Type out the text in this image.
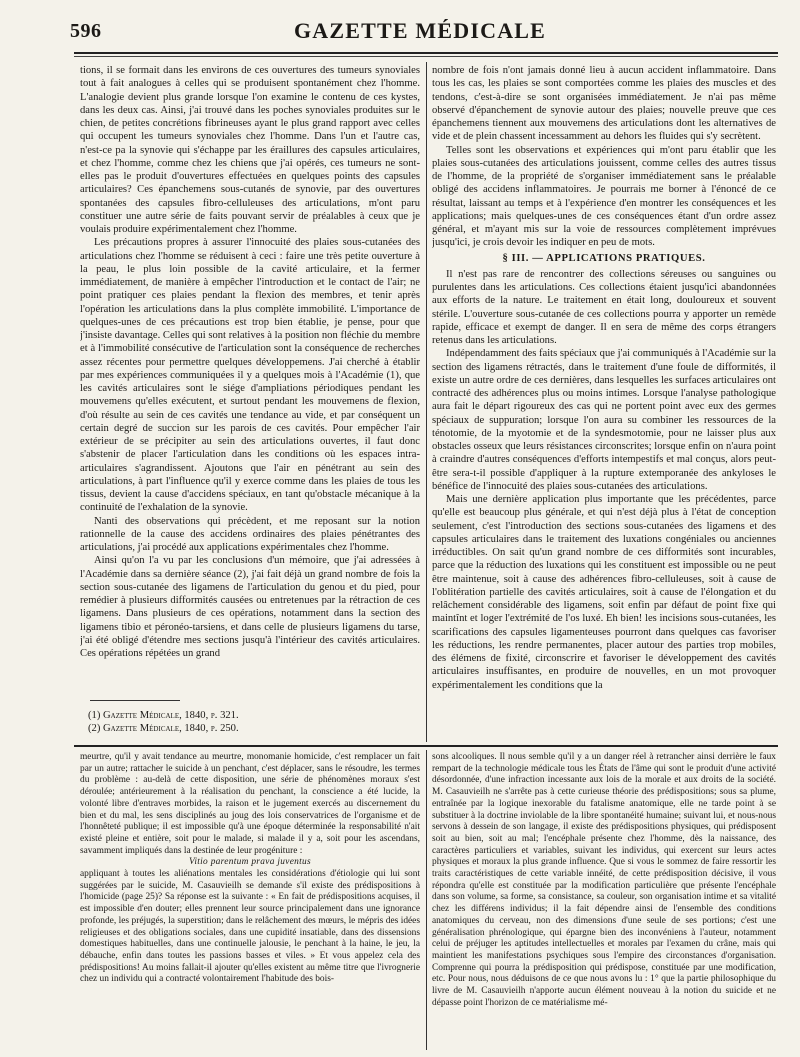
596	GAZETTE MÉDICALE

tions, il se formait dans les environs de ces ouvertures des tumeurs synoviales tout à fait analogues à celles qui se produisent spontanément chez l'homme. L'analogie devient plus grande lorsque l'on examine le contenu de ces kystes, dans les deux cas. Ainsi, j'ai trouvé dans les poches synoviales produites sur le chien, de petites concrétions fibrineuses ayant le plus grand rapport avec celles qui occupent les tumeurs synoviales chez l'homme. Dans l'un et l'autre cas, n'est-ce pa la synovie qui s'échappe par les éraillures des capsules articulaires, et chez l'homme, comme chez les chiens que j'ai opérés, ces tumeurs ne sont-elles pas le produit d'ouvertures effectuées en quelques points des capsules articulaires? Ces épanchemens sous-cutanés de synovie, par des ouvertures spontanées des capsules fibro-celluleuses des articulations, m'ont paru constituer une autre série de faits pouvant servir de préalables à ceux que je voulais produire expérimentalement chez l'homme.

Les précautions propres à assurer l'innocuité des plaies sous-cutanées des articulations chez l'homme se réduisent à ceci : faire une très petite ouverture à la peau, le plus loin possible de la cavité articulaire, et la fermer immédiatement, de manière à empêcher l'introduction et le contact de l'air; ne point pratiquer ces plaies pendant la flexion des membres, et tenir après l'opération les articulations dans la plus complète immobilité. L'importance de quelques-unes de ces précautions est trop bien établie, je pense, pour que j'insiste davantage. Celles qui sont relatives à la position non fléchie du membre et à l'immobilité consécutive de l'articulation sont la conséquence de recherches assez récentes pour permettre quelques développemens. J'ai cherché à établir par mes expériences communiquées il y a quelques mois à l'Académie (1), que les cavités articulaires sont le siége d'ampliations périodiques pendant les mouvemens qu'elles exécutent, et surtout pendant les mouvemens de flexion, d'où résulte au sein de ces cavités une tendance au vide, et par conséquent un certain degré de succion sur les parois de ces cavités. Pour empêcher l'air extérieur de se précipiter au sein des articulations ouvertes, il faut donc s'abstenir de placer l'articulation dans les conditions où les espaces intra-articulaires s'agrandissent. Ajoutons que l'air en pénétrant au sein des articulations, à part l'influence qu'il y exerce comme dans les plaies de tous les tissus, devient la cause d'accidens spéciaux, en tant qu'obstacle mécanique à la continuité de l'exhalation de la synovie.

Nanti des observations qui précèdent, et me reposant sur la notion rationnelle de la cause des accidens ordinaires des plaies pénétrantes des articulations, j'ai procédé aux applications expérimentales chez l'homme.

Ainsi qu'on l'a vu par les conclusions d'un mémoire, que j'ai adressées à l'Académie dans sa dernière séance (2), j'ai fait déjà un grand nombre de fois la section sous-cutanée des ligamens de l'articulation du genou et du pied, pour remédier à plusieurs difformités causées ou entretenues par la rétraction de ces ligamens. Dans plusieurs de ces opérations, notamment dans la section des ligamens tibio et péronéo-tarsiens, et dans celle de plusieurs ligamens du tarse, j'ai été obligé d'étendre mes sections jusqu'à l'intérieur des cavités articulaires. Ces opérations répétées un grand

nombre de fois n'ont jamais donné lieu à aucun accident inflammatoire. Dans tous les cas, les plaies se sont comportées comme les plaies des muscles et des tendons, c'est-à-dire se sont organisées immédiatement. Je n'ai pas même observé d'épanchement de synovie autour des plaies; nouvelle preuve que ces épanchemens tiennent aux mouvemens des articulations dont les alternatives de vide et de plein chassent incessamment au dehors les fluides qui s'y secrètent.

Telles sont les observations et expériences qui m'ont paru établir que les plaies sous-cutanées des articulations jouissent, comme celles des autres tissus de l'homme, de la propriété de s'organiser immédiatement sans le préalable obligé des accidens inflammatoires. Je pourrais me borner à l'énoncé de ce résultat, laissant au temps et à l'expérience d'en montrer les conséquences et les applications; mais quelques-unes de ces conséquences étant d'un ordre assez général, et m'ayant mis sur la voie de ressources complètement imprévues jusqu'ici, je crois devoir les indiquer en peu de mots.

§ III. — APPLICATIONS PRATIQUES.

Il n'est pas rare de rencontrer des collections séreuses ou sanguines ou purulentes dans les articulations. Ces collections étaient jusqu'ici abandonnées aux efforts de la nature. Le traitement en était long, douloureux et souvent stérile. L'ouverture sous-cutanée de ces collections pourra y apporter un remède rapide, efficace et exempt de danger. Il en sera de même des corps étrangers retenus dans les articulations.

Indépendamment des faits spéciaux que j'ai communiqués à l'Académie sur la section des ligamens rétractés, dans le traitement d'une foule de difformités, il existe un autre ordre de ces dernières, dans lesquelles les surfaces articulaires ont contracté des adhérences plus ou moins intimes. Lorsque l'analyse pathologique aura fait le départ rigoureux des cas qui ne portent point avec eux des germes spéciaux de suppuration; lorsque l'on aura su combiner les ressources de la ténotomie, de la myotomie et de la syndesmotomie, pour ne laisser plus aux obstacles osseux que leurs résistances circonscrites; lorsque enfin on n'aura point à craindre d'autres conséquences d'efforts intempestifs et mal conçus, alors peut-être sera-t-il possible d'appliquer à la rupture extemporanée des ankyloses le bénéfice de l'innocuité des plaies sous-cutanées des articulations.

Mais une dernière application plus importante que les précédentes, parce qu'elle est beaucoup plus générale, et qui n'est déjà plus à l'état de conception seulement, c'est l'introduction des sections sous-cutanées des ligamens et des capsules articulaires dans le traitement des luxations congéniales ou anciennes irréductibles. On sait qu'un grand nombre de ces difformités sont incurables, parce que la réduction des luxations qui les constituent est impossible ou ne peut être maintenue, soit à cause des adhérences fibro-celluleuses, soit à cause de l'oblitération partielle des cavités articulaires, soit à cause de l'élongation et du relâchement considérable des ligamens, soit enfin par défaut de point fixe qui maintînt et loger l'extrémité de l'os luxé. Eh bien! les incisions sous-cutanées, les scarifications des capsules ligamenteuses pourront dans quelques cas favoriser les réductions, les rendre permanentes, placer autour des parties trop mobiles, des élémens de fixité, circonscrire et favoriser le développement des cavités articulaires insuffisantes, en produire de nouvelles, en un mot provoquer expérimentalement les conditions que la

(1) Gazette Médicale, 1840, p. 321.
(2) Gazette Médicale, 1840, p. 250.

meurtre, qu'il y avait tendance au meurtre, monomanie homicide, c'est remplacer un fait par un autre; rattacher le suicide à un penchant, c'est déplacer, sans le résoudre, les termes du problème : au-delà de cette disposition, une série de phénomènes moraux s'est déroulée; antérieurement à la réalisation du penchant, la conscience a été lucide, la volonté libre d'entraves morbides, la raison et le jugement exercés au discernement du bien et du mal, les sens disciplinés au joug des lois conservatrices de l'organisme et de l'honnêteté publique; il est impossible qu'à une époque déterminée la responsabilité n'ait existé pleine et entière, soit pour le malade, si malade il y a, soit pour les ascendans, savamment impliqués dans la destinée de leur progéniture :

Vitio parentum prava juventus

appliquant à toutes les aliénations mentales les considérations d'étiologie qui lui sont suggérées par le suicide, M. Casauvieilh se demande s'il existe des prédispositions à l'homicide (page 25)? Sa réponse est la suivante : « En fait de prédispositions acquises, il est impossible d'en douter; elles prennent leur source principalement dans une ignorance profonde, les préjugés, la superstition; dans le relâchement des mœurs, le mépris des idées religieuses et des obligations sociales, dans une cupidité insatiable, dans des dissensions domestiques habituelles, dans une continuelle jalousie, le penchant à la haine, le jeu, la débauche, enfin dans toutes les passions basses et viles. » Et vous appelez cela des prédispositions! Au moins fallait-il ajouter qu'elles existent au même titre que l'ivrognerie chez un individu qui a contracté volontairement l'habitude des bois-

sons alcooliques. Il nous semble qu'il y a un danger réel à retrancher ainsi derrière le faux rempart de la technologie médicale tous les États de l'âme qui sont le produit d'une activité désordonnée, d'une infraction incessante aux lois de la morale et aux droits de la société. M. Casauvieilh ne s'arrête pas à cette curieuse théorie des prédispositions; sous sa plume, entraînée par la logique inexorable du fatalisme anatomique, elle ne tarde point à se substituer à la doctrine inviolable de la libre spontanéité humaine; suivant lui, et nous-nous servons à dessein de son langage, il existe des prédispositions physiques, qui prédisposent soit au bien, soit au mal; l'encéphale présente chez l'homme, dès la naissance, des caractères particuliers et variables, suivant les individus, qui exercent sur leurs actes physiques et moraux la plus grande influence. Que si vous le sommez de faire ressortir les traits caractéristiques de cette variable innéité, de cette prédisposition décisive, il vous répondra qu'elle est constituée par la modification particulière que présente l'encéphale dans son volume, sa forme, sa consistance, sa couleur, son organisation intime et sa vitalité chez les différens individus; il la fait dépendre ainsi de l'ensemble des conditions anatomiques du cerveau, non des dimensions d'une seule de ses portions; c'est une généralisation phrénologique, qui épargne bien des inconvéniens à l'auteur, notamment celui de préjuger les aptitudes intellectuelles et morales par l'examen du crâne, mais qui maintient les manifestations psychiques sous l'empire des circonstances d'organisation. Comprenne qui pourra la prédisposition qui prédispose, constituée par une modification, etc. Pour nous, nous déduisons de ce que nous avons lu : 1° que la partie philosophique du livre de M. Casauvieilh n'apporte aucun élément nouveau à la notion du suicide et ne dépasse point l'horizon de ce matérialisme mé-
